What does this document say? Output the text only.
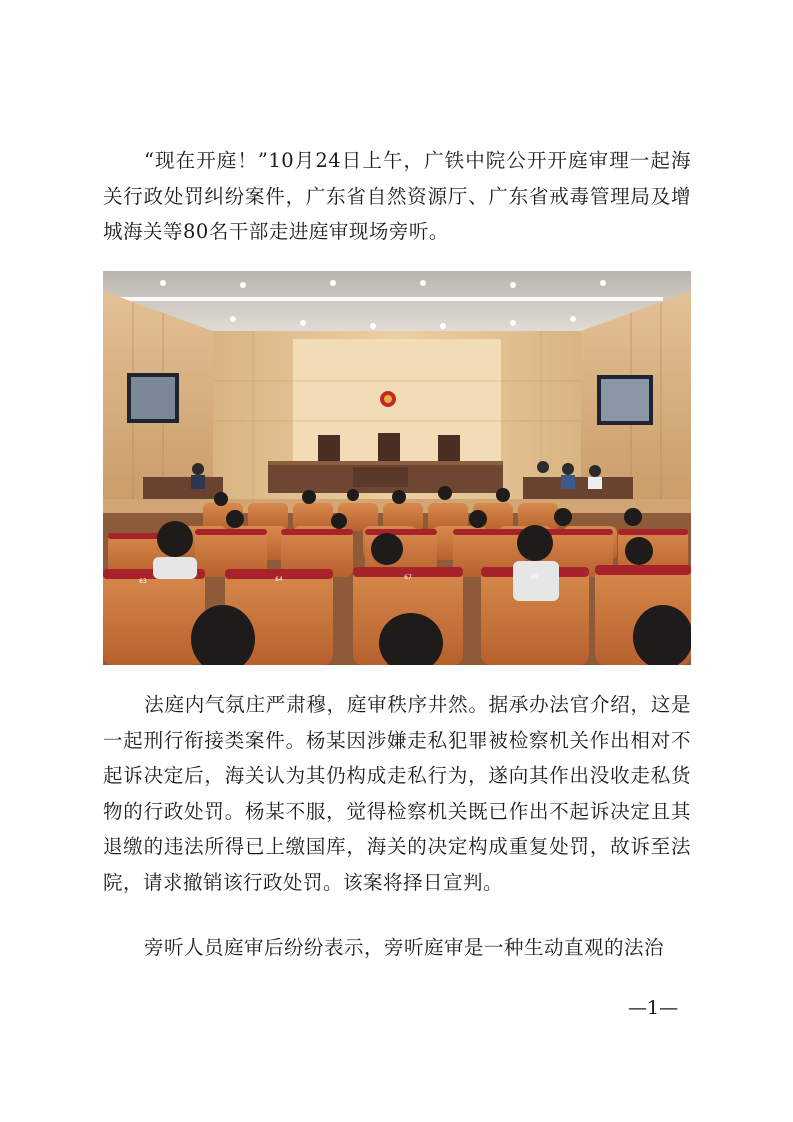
“现在开庭！”10月24日上午，广铁中院公开开庭审理一起海关行政处罚纠纷案件，广东省自然资源厅、广东省戒毒管理局及增城海关等80名干部走进庭审现场旁听。

63	64	67	69

法庭内气氛庄严肃穆，庭审秩序井然。据承办法官介绍，这是一起刑行衔接类案件。杨某因涉嫌走私犯罪被检察机关作出相对不起诉决定后，海关认为其仍构成走私行为，遂向其作出没收走私货物的行政处罚。杨某不服，觉得检察机关既已作出不起诉决定且其退缴的违法所得已上缴国库，海关的决定构成重复处罚，故诉至法院，请求撤销该行政处罚。该案将择日宣判。

旁听人员庭审后纷纷表示，旁听庭审是一种生动直观的法治

—1—
